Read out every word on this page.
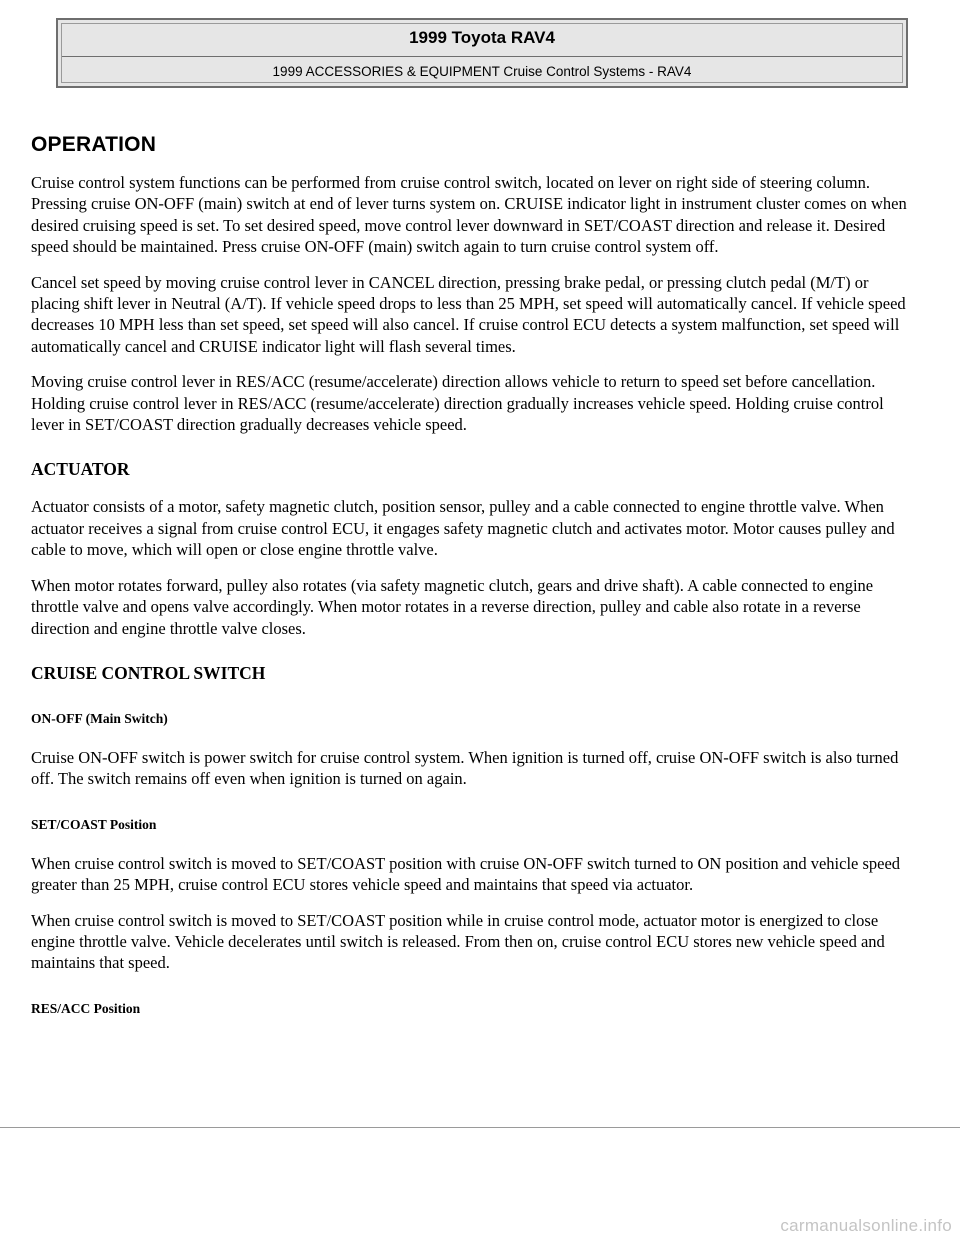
1999 Toyota RAV4
1999 ACCESSORIES & EQUIPMENT Cruise Control Systems - RAV4
OPERATION

Cruise control system functions can be performed from cruise control switch, located on lever on right side of steering column. Pressing cruise ON-OFF (main) switch at end of lever turns system on. CRUISE indicator light in instrument cluster comes on when desired cruising speed is set. To set desired speed, move control lever downward in SET/COAST direction and release it. Desired speed should be maintained. Press cruise ON-OFF (main) switch again to turn cruise control system off.

Cancel set speed by moving cruise control lever in CANCEL direction, pressing brake pedal, or pressing clutch pedal (M/T) or placing shift lever in Neutral (A/T). If vehicle speed drops to less than 25 MPH, set speed will automatically cancel. If vehicle speed decreases 10 MPH less than set speed, set speed will also cancel. If cruise control ECU detects a system malfunction, set speed will automatically cancel and CRUISE indicator light will flash several times.

Moving cruise control lever in RES/ACC (resume/accelerate) direction allows vehicle to return to speed set before cancellation. Holding cruise control lever in RES/ACC (resume/accelerate) direction gradually increases vehicle speed. Holding cruise control lever in SET/COAST direction gradually decreases vehicle speed.

ACTUATOR

Actuator consists of a motor, safety magnetic clutch, position sensor, pulley and a cable connected to engine throttle valve. When actuator receives a signal from cruise control ECU, it engages safety magnetic clutch and activates motor. Motor causes pulley and cable to move, which will open or close engine throttle valve.

When motor rotates forward, pulley also rotates (via safety magnetic clutch, gears and drive shaft). A cable connected to engine throttle valve and opens valve accordingly. When motor rotates in a reverse direction, pulley and cable also rotate in a reverse direction and engine throttle valve closes.

CRUISE CONTROL SWITCH
ON-OFF (Main Switch)

Cruise ON-OFF switch is power switch for cruise control system. When ignition is turned off, cruise ON-OFF switch is also turned off. The switch remains off even when ignition is turned on again.

SET/COAST Position

When cruise control switch is moved to SET/COAST position with cruise ON-OFF switch turned to ON position and vehicle speed greater than 25 MPH, cruise control ECU stores vehicle speed and maintains that speed via actuator.

When cruise control switch is moved to SET/COAST position while in cruise control mode, actuator motor is energized to close engine throttle valve. Vehicle decelerates until switch is released. From then on, cruise control ECU stores new vehicle speed and maintains that speed.

RES/ACC Position
carmanualsonline.info
